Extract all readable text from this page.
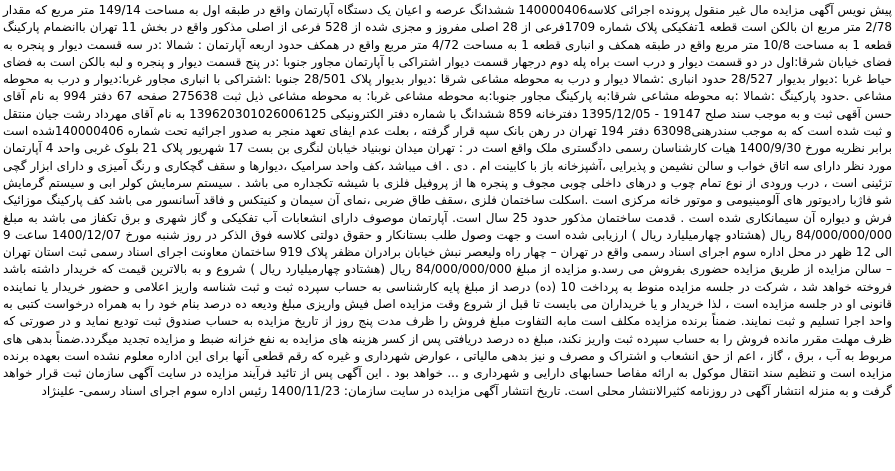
پیش نویس آگهی مزایده مال غیر منقول پرونده اجرائی کلاسه140000406 ششدانگ عرصه و اعیان یک دستگاه آپارتمان واقع در طبقه اول به مساحت 149/14 متر مربع که مقدار 2/78 متر مربع ان بالکن است قطعه 1تفکیکی پلاک شماره 1709فرعی از 28 اصلی مفروز و مجزی شده از 528 فرعی از اصلی مذکور واقع در بخش 11 تهران باانضمام پارکینگ قطعه 1 به مساحت 10/8 متر مربع واقع در طبقه همکف و انباری قطعه 1 به مساحت 4/72 متر مربع واقع در همکف حدود اربعه آپارتمان : شمالا :در سه قسمت دیوار و پنجره به فضای خیابان شرقا:اول در دو قسمت دیوار و درب است براه پله دوم درجهار قسمت دیوار اشتراکی با آپارتمان مجاور جنوبا :در پنج قسمت دیوار و پنجره و لبه بالکن است به فضای حیاط غربا :دیوار بدیوار 28/527 حدود انباری :شمالا دیوار و درب به محوطه مشاعی شرقا :دیوار بدیوار پلاک 28/501 جنوبا :اشتراکی با انباری مجاور غربا:دیوار و درب به محوطه مشاعی .حدود پارکینگ :شمالا :به محوطه مشاعی شرقا:به پارکینگ مجاور جنوبا:به محوطه مشاعی غربا: به محوطه مشاعی ذیل ثبت 275638 صفحه 67 دفتر 994 به نام آقای حسن آقهی ثبت و به موجب سند صلح 19147 - 1395/12/05 دفترخانه 859 ششدانگ با شماره دفتر الکترونیکی 139620301026006125 به نام آقای مهرداد رشت جیان منتقل و ثبت شده است که به موجب سندرهنی63098 دفتر 194 تهران در رهن بانک سپه قرار گرفته ، بعلت عدم ایفای تعهد منجر به صدور اجرائیه تحت شماره 140000406شده است برابر نظریه مورخ 1400/9/30 هیات کارشناسان رسمی دادگستری ملک واقع است در : تهران میدان نوبنیاد خیابان لنگری بن بست 17 شهریور پلاک 21 بلوک غربی واحد 4 آپارتمان مورد نظر دارای سه اتاق خواب و سالن نشیمن و پذیرایی ،آشپزخانه باز با کابینت ام . دی . اف میباشد ،کف واحد سرامیک ،دیوارها و سقف گچکاری و رنگ آمیزی و دارای ابزار گچی تزئینی است ، درب ورودی از نوع تمام چوب و درهای داخلی چوبی مجوف و پنجره ها از پروفیل فلزی با شیشه تکجداره می باشد . سیستم سرمایش کولر ابی و سیستم گرمایش شو فاژبا رادیوتور های آلومینیومی و موتور خانه مرکزی است .اسکلت ساختمان فلزی ،سقف طاق ضربی ،نمای آن سیمان و کنیتکس و فاقد آسانسور می باشد کف پارکینگ موزائیک فرش و دیواره آن سیمانکاری شده است . قدمت ساختمان مذکور حدود 25 سال است. آپارتمان موصوف دارای انشعابات آب تفکیکی و گاز شهری و برق تکفاز می باشد به مبلغ 84/000/000/000 ریال (هشتادو چهارمیلیارد ریال ) ارزیابی شده است و جهت وصول طلب بستانکار و حقوق دولتی کلاسه فوق الذکر در روز شنبه مورخ 1400/12/07 ساعت 9 الی 12 ظهر در محل اداره سوم اجرای اسناد رسمی واقع در تهران – چهار راه ولیعصر نبش خیابان برادران مظفر پلاک 919 ساختمان معاونت اجرای اسناد رسمی ثبت استان تهران – سالن مزایده از طریق مزایده حضوری بفروش می رسد.و مزایده از مبلغ 84/000/000/000 ریال (هشتادو چهارمیلیارد ریال ) شروع و به بالاترین قیمت که خریدار داشته باشد فروخته خواهد شد ، شرکت در جلسه مزایده منوط به پرداخت 10 (ده) درصد از مبلغ پایه کارشناسی به حساب سپرده ثبت و ثبت شناسه واریز اعلامی و حضور خریدار یا نماینده قانونی او در جلسه مزایده است ، لذا خریدار و یا خریداران می بایست تا قبل از شروع وقت مزایده اصل فیش واریزی مبلغ ودیعه ده درصد بنام خود را به همراه درخواست کتبی به واحد اجرا تسلیم و ثبت نمایند. ضمناً برنده مزایده مکلف است مابه التفاوت مبلغ فروش را ظرف مدت پنج روز از تاریخ مزایده به حساب صندوق ثبت تودیع نماید و در صورتی که ظرف مهلت مقرر مانده فروش را به حساب سپرده ثبت واریز نکند، مبلغ ده درصد دریافتی پس از کسر هزینه های مزایده به نفع خزانه ضبط و مزایده تجدید میگردد.ضمناً بدهی های مربوط به آب ، برق ، گاز ، اعم از حق انشعاب و اشتراک و مصرف و نیز بدهی مالیاتی ، عوارض شهرداری و غیره که رقم قطعی آنها برای این اداره معلوم نشده است بعهده برنده مزایده است و تنظیم سند انتقال موکول به ارائه مفاصا حسابهای دارایی و شهرداری و ... خواهد بود . این آگهی پس از تائید فرآیند مزایده در سایت آگهی سازمان ثبت قرار خواهد گرفت و به منزله انتشار آگهی در روزنامه کثیرالانتشار محلی است. تاریخ انتشار آگهی مزایده در سایت سازمان: 1400/11/23 رئیس اداره سوم اجرای اسناد رسمی- علینژاد
